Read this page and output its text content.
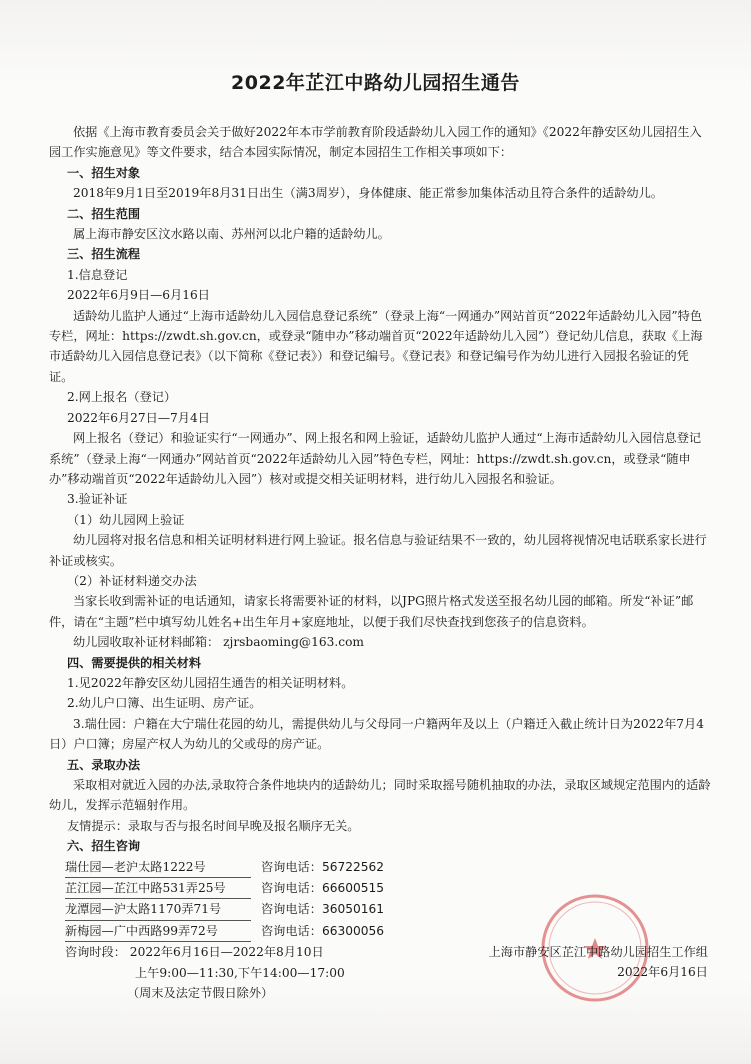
2022年芷江中路幼儿园招生通告

依据《上海市教育委员会关于做好2022年本市学前教育阶段适龄幼儿入园工作的通知》《2022年静安区幼儿园招生入园工作实施意见》等文件要求，结合本园实际情况，制定本园招生工作相关事项如下：

一、招生对象

2018年9月1日至2019年8月31日出生（满3周岁），身体健康、能正常参加集体活动且符合条件的适龄幼儿。

二、招生范围

属上海市静安区汶水路以南、苏州河以北户籍的适龄幼儿。

三、招生流程

1.信息登记

2022年6月9日—6月16日

适龄幼儿监护人通过“上海市适龄幼儿入园信息登记系统”（登录上海“一网通办”网站首页“2022年适龄幼儿入园”特色专栏，网址：https://zwdt.sh.gov.cn，或登录“随申办”移动端首页“2022年适龄幼儿入园”）登记幼儿信息，获取《上海市适龄幼儿入园信息登记表》（以下简称《登记表》）和登记编号。《登记表》和登记编号作为幼儿进行入园报名验证的凭证。

2.网上报名（登记）

2022年6月27日—7月4日

网上报名（登记）和验证实行“一网通办”、网上报名和网上验证，适龄幼儿监护人通过“上海市适龄幼儿入园信息登记系统”（登录上海“一网通办”网站首页“2022年适龄幼儿入园”特色专栏，网址：https://zwdt.sh.gov.cn，或登录“随申办”移动端首页“2022年适龄幼儿入园”）核对或提交相关证明材料，进行幼儿入园报名和验证。

3.验证补证

（1）幼儿园网上验证

幼儿园将对报名信息和相关证明材料进行网上验证。报名信息与验证结果不一致的，幼儿园将视情况电话联系家长进行补证或核实。

（2）补证材料递交办法

当家长收到需补证的电话通知，请家长将需要补证的材料，以JPG照片格式发送至报名幼儿园的邮箱。所发“补证”邮件，请在“主题”栏中填写幼儿姓名+出生年月+家庭地址，以便于我们尽快查找到您孩子的信息资料。

幼儿园收取补证材料邮箱： zjrsbaoming@163.com

四、需要提供的相关材料

1.见2022年静安区幼儿园招生通告的相关证明材料。

2.幼儿户口簿、出生证明、房产证。

3.瑞仕园：户籍在大宁瑞仕花园的幼儿，需提供幼儿与父母同一户籍两年及以上（户籍迁入截止统计日为2022年7月4日）户口簿；房屋产权人为幼儿的父或母的房产证。

五、录取办法

采取相对就近入园的办法,录取符合条件地块内的适龄幼儿；同时采取摇号随机抽取的办法，录取区域规定范围内的适龄幼儿，发挥示范辐射作用。

友情提示：录取与否与报名时间早晚及报名顺序无关。

六、招生咨询

瑞仕园—老沪太路1222号	咨询电话：56722562
芷江园—芷江中路531弄25号	咨询电话：66600515
龙潭园—沪太路1170弄71号	咨询电话：36050161
新梅园—广中西路99弄72号	咨询电话：66300056

咨询时段： 2022年6月16日—2022年8月10日

上午9:00—11:30,下午14:00—17:00

（周末及法定节假日除外）

上海市静安区芷江中路幼儿园招生工作组
2022年6月16日
